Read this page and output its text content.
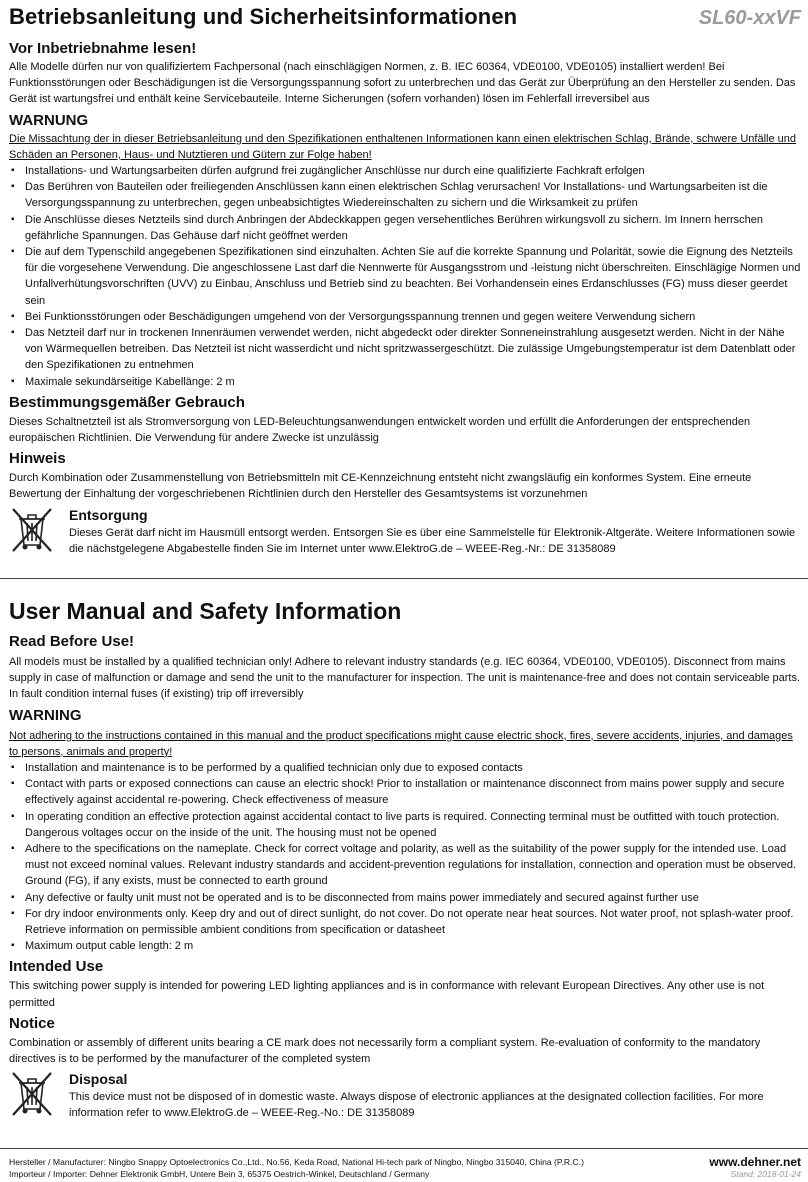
Betriebsanleitung und Sicherheitsinformationen	SL60-xxVF
Vor Inbetriebnahme lesen!

Alle Modelle dürfen nur von qualifiziertem Fachpersonal (nach einschlägigen Normen, z. B. IEC 60364, VDE0100, VDE0105) installiert werden! Bei Funktionsstörungen oder Beschädigungen ist die Versorgungsspannung sofort zu unterbrechen und das Gerät zur Überprüfung an den Hersteller zu senden. Das Gerät ist wartungsfrei und enthält keine Servicebauteile. Interne Sicherungen (sofern vorhanden) lösen im Fehlerfall irreversibel aus

WARNUNG

Die Missachtung der in dieser Betriebsanleitung und den Spezifikationen enthaltenen Informationen kann einen elektrischen Schlag, Brände, schwere Unfälle und Schäden an Personen, Haus- und Nutztieren und Gütern zur Folge haben!

▪ Installations- und Wartungsarbeiten dürfen aufgrund frei zugänglicher Anschlüsse nur durch eine qualifizierte Fachkraft erfolgen
▪ Das Berühren von Bauteilen oder freiliegenden Anschlüssen kann einen elektrischen Schlag verursachen! Vor Installations- und Wartungsarbeiten ist die Versorgungsspannung zu unterbrechen, gegen unbeabsichtigtes Wiedereinschalten zu sichern und die Wirksamkeit zu prüfen
▪ Die Anschlüsse dieses Netzteils sind durch Anbringen der Abdeckkappen gegen versehentliches Berühren wirkungsvoll zu sichern. Im Innern herrschen gefährliche Spannungen. Das Gehäuse darf nicht geöffnet werden
▪ Die auf dem Typenschild angegebenen Spezifikationen sind einzuhalten. Achten Sie auf die korrekte Spannung und Polarität, sowie die Eignung des Netzteils für die vorgesehene Verwendung. Die angeschlossene Last darf die Nennwerte für Ausgangsstrom und -leistung nicht überschreiten. Einschlägige Normen und Unfallverhütungsvorschriften (UVV) zu Einbau, Anschluss und Betrieb sind zu beachten. Bei Vorhandensein eines Erdanschlusses (FG) muss dieser geerdet sein
▪ Bei Funktionsstörungen oder Beschädigungen umgehend von der Versorgungsspannung trennen und gegen weitere Verwendung sichern
▪ Das Netzteil darf nur in trockenen Innenräumen verwendet werden, nicht abgedeckt oder direkter Sonneneinstrahlung ausgesetzt werden. Nicht in der Nähe von Wärmequellen betreiben. Das Netzteil ist nicht wasserdicht und nicht spritzwassergeschützt. Die zulässige Umgebungstemperatur ist dem Datenblatt oder den Spezifikationen zu entnehmen
▪ Maximale sekundärseitige Kabellänge: 2 m
Bestimmungsgemäßer Gebrauch

Dieses Schaltnetzteil ist als Stromversorgung von LED-Beleuchtungsanwendungen entwickelt worden und erfüllt die Anforderungen der entsprechenden europäischen Richtlinien. Die Verwendung für andere Zwecke ist unzulässig

Hinweis

Durch Kombination oder Zusammenstellung von Betriebsmitteln mit CE-Kennzeichnung entsteht nicht zwangsläufig ein konformes System. Eine erneute Bewertung der Einhaltung der vorgeschriebenen Richtlinien durch den Hersteller des Gesamtsystems ist vorzunehmen

Entsorgung

Dieses Gerät darf nicht im Hausmüll entsorgt werden. Entsorgen Sie es über eine Sammelstelle für Elektronik-Altgeräte. Weitere Informationen sowie die nächstgelegene Abgabestelle finden Sie im Internet unter www.ElektroG.de – WEEE-Reg.-Nr.: DE 31358089

User Manual and Safety Information
Read Before Use!

All models must be installed by a qualified technician only! Adhere to relevant industry standards (e.g. IEC 60364, VDE0100, VDE0105). Disconnect from mains supply in case of malfunction or damage and send the unit to the manufacturer for inspection. The unit is maintenance-free and does not contain serviceable parts. In fault condition internal fuses (if existing) trip off irreversibly

WARNING

Not adhering to the instructions contained in this manual and the product specifications might cause electric shock, fires, severe accidents, injuries, and damages to persons, animals and property!

▪ Installation and maintenance is to be performed by a qualified technician only due to exposed contacts
▪ Contact with parts or exposed connections can cause an electric shock! Prior to installation or maintenance disconnect from mains power supply and secure effectively against accidental re-powering. Check effectiveness of measure
▪ In operating condition an effective protection against accidental contact to live parts is required. Connecting terminal must be outfitted with touch protection. Dangerous voltages occur on the inside of the unit. The housing must not be opened
▪ Adhere to the specifications on the nameplate. Check for correct voltage and polarity, as well as the suitability of the power supply for the intended use. Load must not exceed nominal values. Relevant industry standards and accident-prevention regulations for installation, connection and operation must be observed. Ground (FG), if any exists, must be connected to earth ground
▪ Any defective or faulty unit must not be operated and is to be disconnected from mains power immediately and secured against further use
▪ For dry indoor environments only. Keep dry and out of direct sunlight, do not cover. Do not operate near heat sources. Not water proof, not splash-water proof. Retrieve information on permissible ambient conditions from specification or datasheet
▪ Maximum output cable length: 2 m
Intended Use

This switching power supply is intended for powering LED lighting appliances and is in conformance with relevant European Directives. Any other use is not permitted

Notice

Combination or assembly of different units bearing a CE mark does not necessarily form a compliant system. Re-evaluation of conformity to the mandatory directives is to be performed by the manufacturer of the completed system

Disposal

This device must not be disposed of in domestic waste. Always dispose of electronic appliances at the designated collection facilities. For more information refer to www.ElektroG.de – WEEE-Reg.-No.: DE 31358089

Hersteller / Manufacturer: Ningbo Snappy Optoelectronics Co.,Ltd., No.56, Keda Road, National Hi-tech park of Ningbo, Ningbo 315040, China (P.R.C.)
Importeur / Importer: Dehner Elektronik GmbH, Untere Bein 3, 65375 Oestrich-Winkel, Deutschland / Germany
www.dehner.net
Stand: 2018-01-24
